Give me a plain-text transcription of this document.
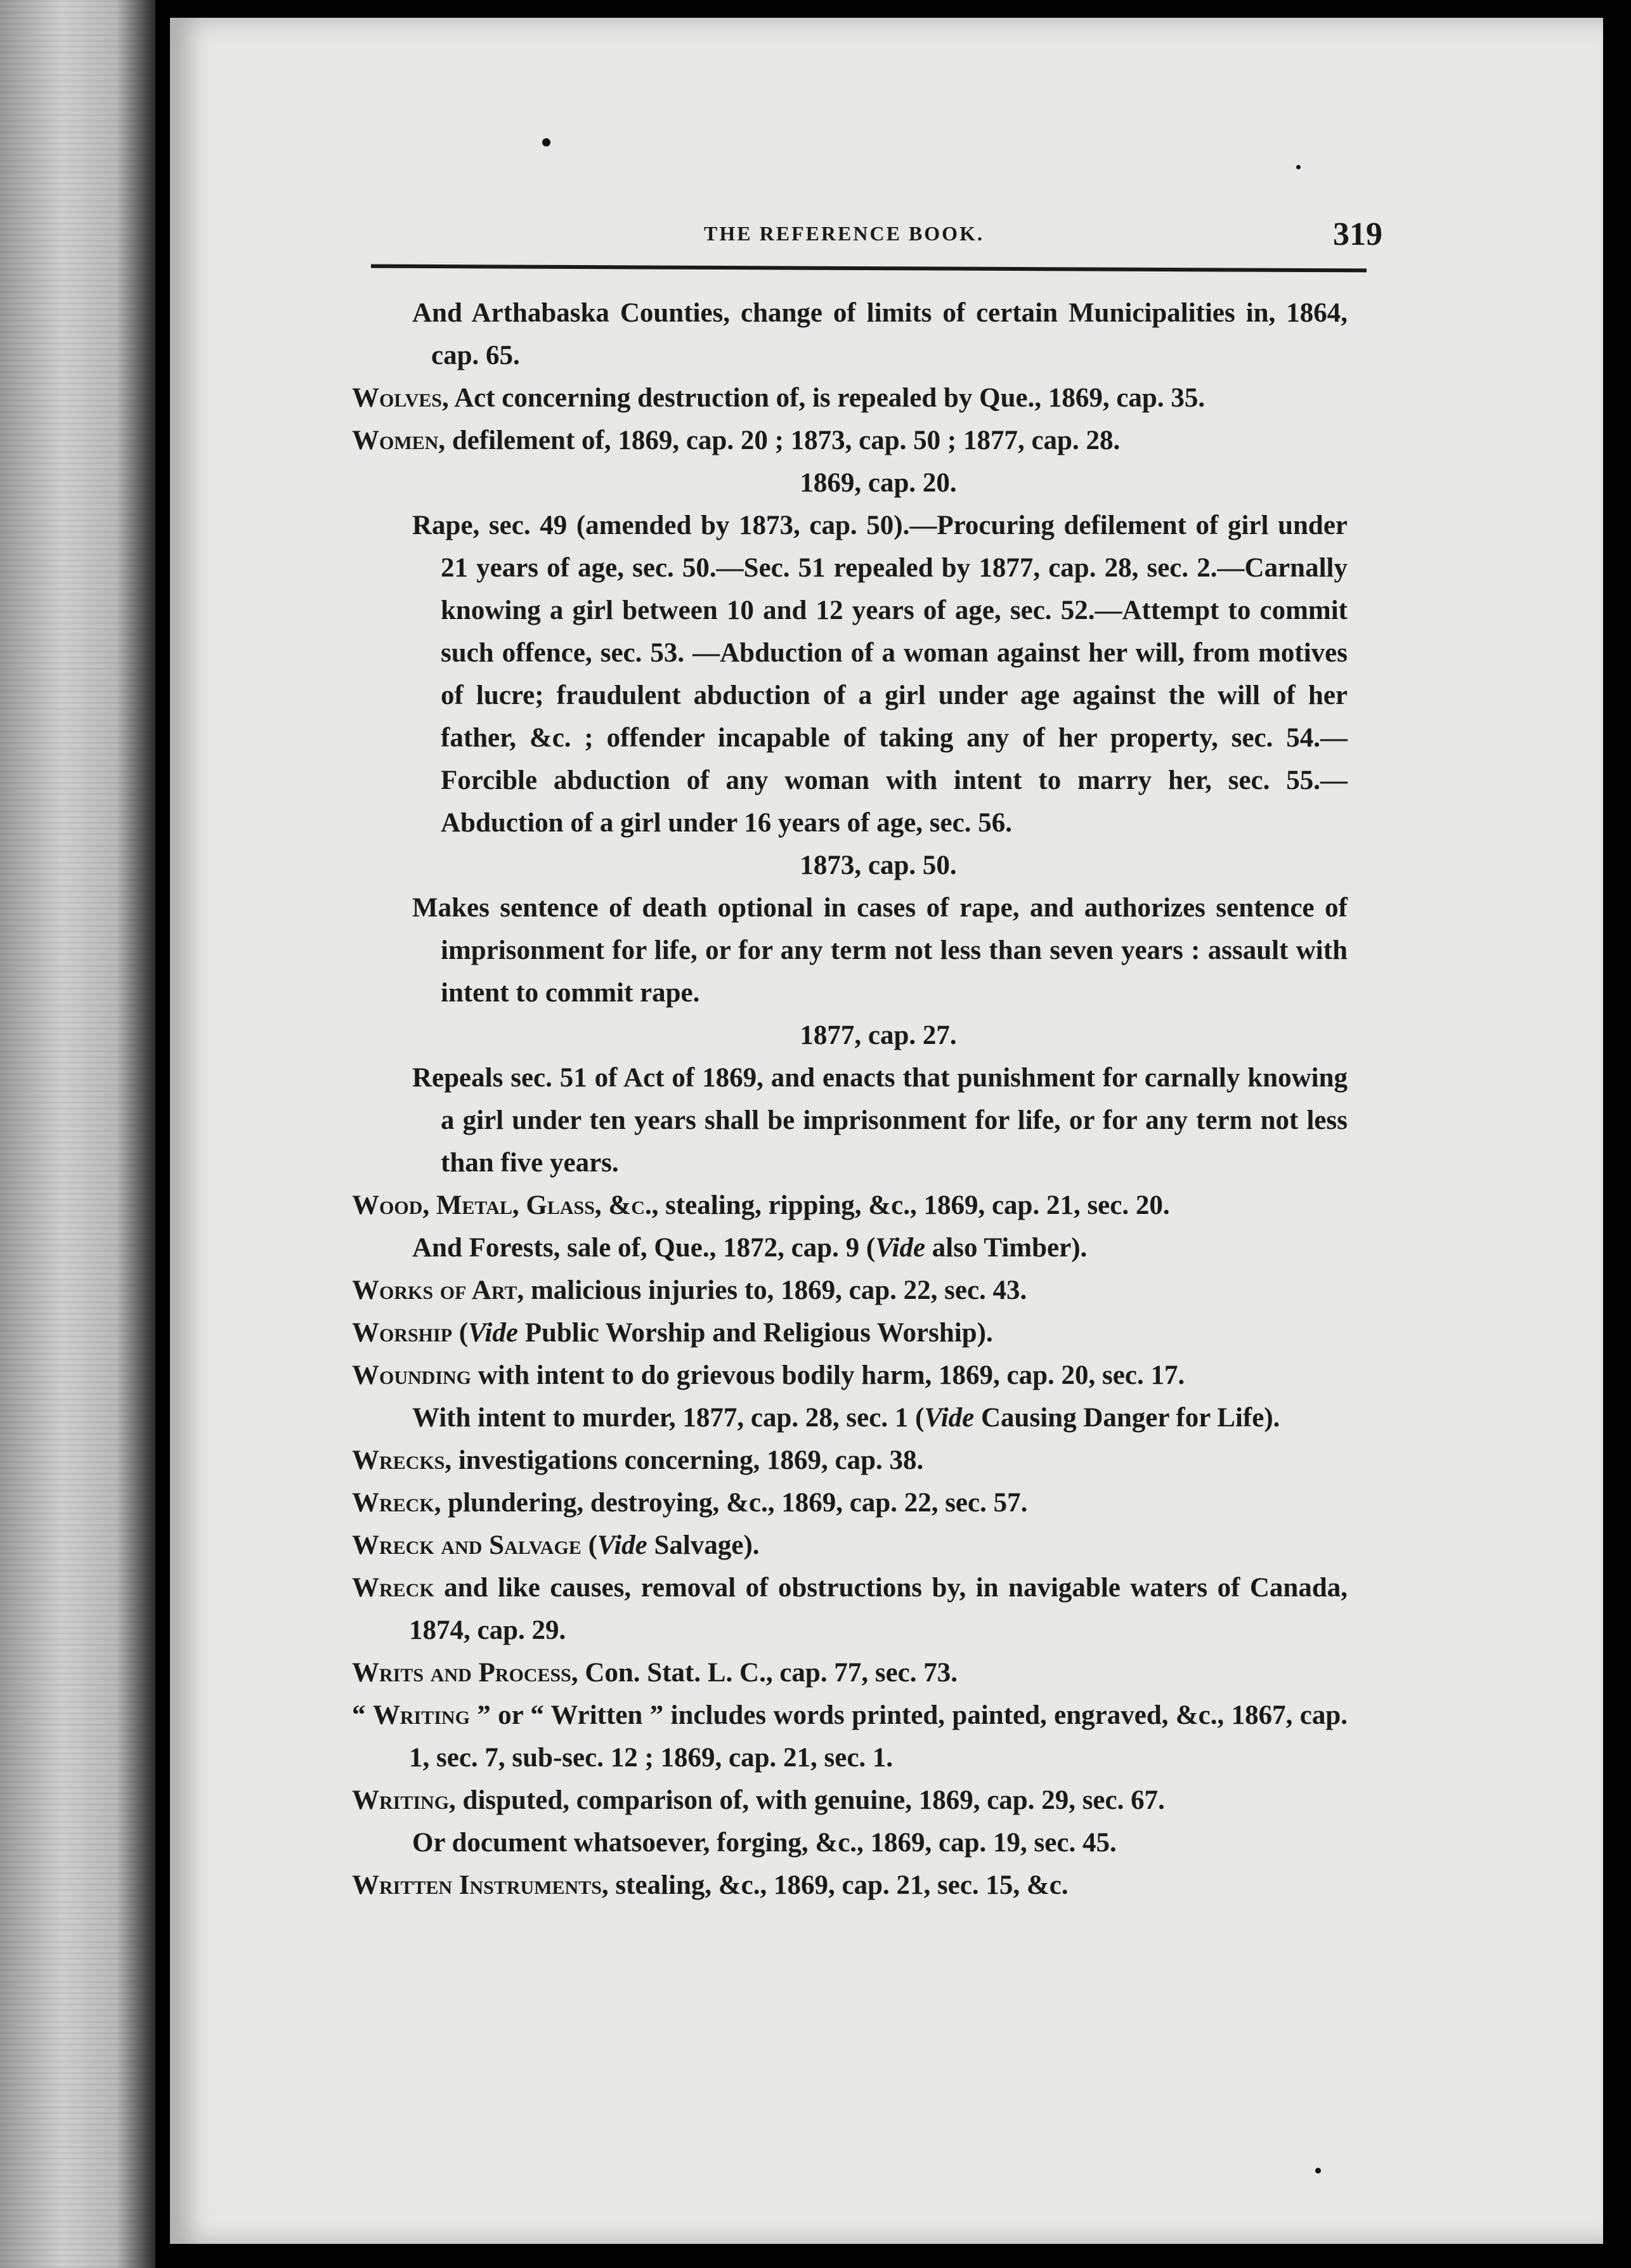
THE REFERENCE BOOK.	319

And Arthabaska Counties, change of limits of certain Municipalities in, 1864, cap. 65.

Wolves, Act concerning destruction of, is repealed by Que., 1869, cap. 35.

Women, defilement of, 1869, cap. 20 ; 1873, cap. 50 ; 1877, cap. 28.

1869, cap. 20.

Rape, sec. 49 (amended by 1873, cap. 50).—Procuring defilement of girl under 21 years of age, sec. 50.—Sec. 51 repealed by 1877, cap. 28, sec. 2.—Carnally knowing a girl between 10 and 12 years of age, sec. 52.—Attempt to commit such offence, sec. 53. —Abduction of a woman against her will, from motives of lucre; fraudulent abduction of a girl under age against the will of her father, &c. ; offender incapable of taking any of her property, sec. 54.—Forcible abduction of any woman with intent to marry her, sec. 55.—Abduction of a girl under 16 years of age, sec. 56.

1873, cap. 50.

Makes sentence of death optional in cases of rape, and authorizes sentence of imprisonment for life, or for any term not less than seven years : assault with intent to commit rape.

1877, cap. 27.

Repeals sec. 51 of Act of 1869, and enacts that punishment for carnally knowing a girl under ten years shall be imprisonment for life, or for any term not less than five years.

Wood, Metal, Glass, &c., stealing, ripping, &c., 1869, cap. 21, sec. 20.

And Forests, sale of, Que., 1872, cap. 9 (Vide also Timber).

Works of Art, malicious injuries to, 1869, cap. 22, sec. 43.

Worship (Vide Public Worship and Religious Worship).

Wounding with intent to do grievous bodily harm, 1869, cap. 20, sec. 17.

With intent to murder, 1877, cap. 28, sec. 1 (Vide Causing Danger for Life).

Wrecks, investigations concerning, 1869, cap. 38.

Wreck, plundering, destroying, &c., 1869, cap. 22, sec. 57.

Wreck and Salvage (Vide Salvage).

Wreck and like causes, removal of obstructions by, in navigable waters of Canada, 1874, cap. 29.

Writs and Process, Con. Stat. L. C., cap. 77, sec. 73.

“ Writing ” or “ Written ” includes words printed, painted, engraved, &c., 1867, cap. 1, sec. 7, sub-sec. 12 ; 1869, cap. 21, sec. 1.

Writing, disputed, comparison of, with genuine, 1869, cap. 29, sec. 67.

Or document whatsoever, forging, &c., 1869, cap. 19, sec. 45.

Written Instruments, stealing, &c., 1869, cap. 21, sec. 15, &c.
